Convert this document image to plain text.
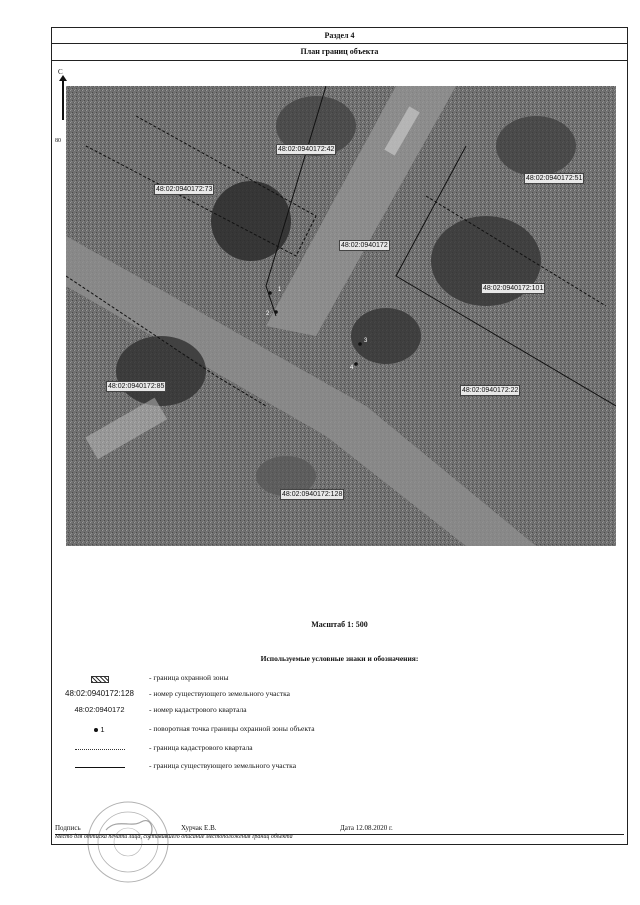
Раздел 4
План границ объекта
С
80
1
2
3
4
48:02:0940172:42
48:02:0940172:73
48:02:0940172:51
48:02:0940172
48:02:0940172:101
48:02:0940172:85
48:02:0940172:22
48:02:0940172:128
Масштаб 1: 500
Используемые условные знаки и обозначения:
- граница охранной зоны
48:02:0940172:128	- номер существующего земельного участка
48:02:0940172	- номер кадастрового квартала
1	- поворотная точка границы охранной зоны объекта
- граница кадастрового квартала
- граница существующего земельного участка
Подпись	Хурчак Е.В.	Дата 12.08.2020 г.
Место для оттиска печати лица, составившего описание местоположения границ объекта
